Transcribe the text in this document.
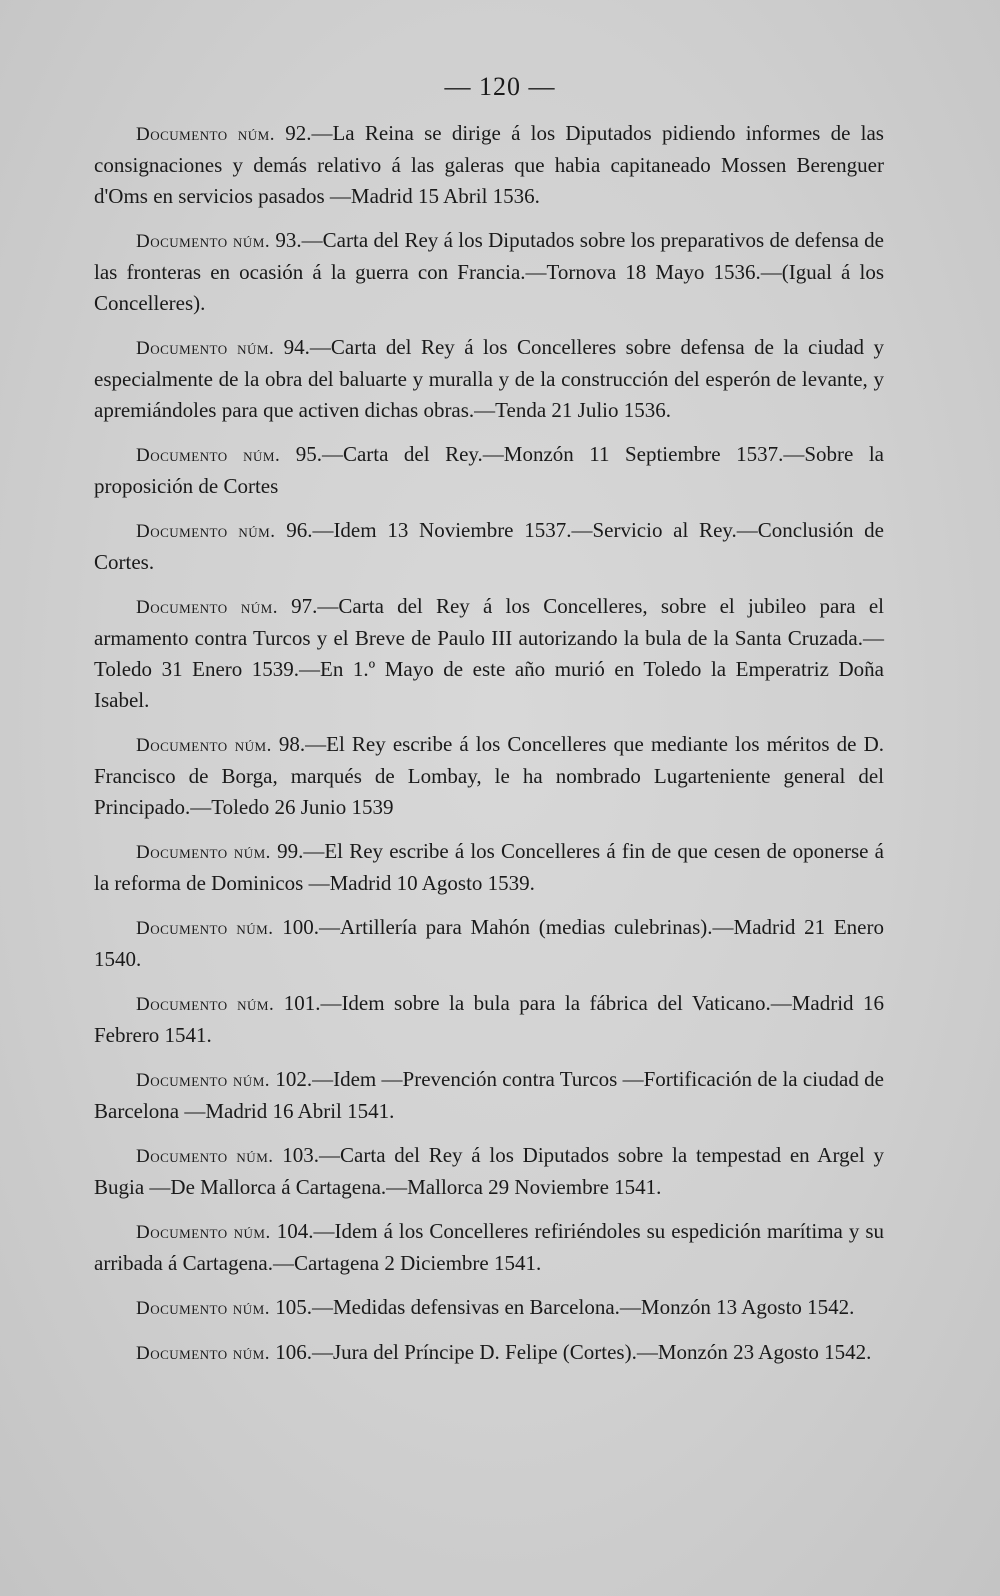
— 120 —

Documento núm. 92.—La Reina se dirige á los Diputados pidiendo informes de las consignaciones y demás relativo á las galeras que habia capitaneado Mossen Berenguer d'Oms en servicios pasados —Madrid 15 Abril 1536.

Documento núm. 93.—Carta del Rey á los Diputados sobre los preparativos de defensa de las fronteras en ocasión á la guerra con Francia.—Tornova 18 Mayo 1536.—(Igual á los Concelleres).

Documento núm. 94.—Carta del Rey á los Concelleres sobre defensa de la ciudad y especialmente de la obra del baluarte y muralla y de la construcción del esperón de levante, y apremiándoles para que activen dichas obras.—Tenda 21 Julio 1536.

Documento núm. 95.—Carta del Rey.—Monzón 11 Septiembre 1537.—Sobre la proposición de Cortes

Documento núm. 96.—Idem 13 Noviembre 1537.—Servicio al Rey.—Conclusión de Cortes.

Documento núm. 97.—Carta del Rey á los Concelleres, sobre el jubileo para el armamento contra Turcos y el Breve de Paulo III autorizando la bula de la Santa Cruzada.—Toledo 31 Enero 1539.—En 1.º Mayo de este año murió en Toledo la Emperatriz Doña Isabel.

Documento núm. 98.—El Rey escribe á los Concelleres que mediante los méritos de D. Francisco de Borga, marqués de Lombay, le ha nombrado Lugarteniente general del Principado.—Toledo 26 Junio 1539

Documento núm. 99.—El Rey escribe á los Concelleres á fin de que cesen de oponerse á la reforma de Dominicos —Madrid 10 Agosto 1539.

Documento núm. 100.—Artillería para Mahón (medias culebrinas).—Madrid 21 Enero 1540.

Documento núm. 101.—Idem sobre la bula para la fábrica del Vaticano.—Madrid 16 Febrero 1541.

Documento núm. 102.—Idem —Prevención contra Turcos —Fortificación de la ciudad de Barcelona —Madrid 16 Abril 1541.

Documento núm. 103.—Carta del Rey á los Diputados sobre la tempestad en Argel y Bugia —De Mallorca á Cartagena.—Mallorca 29 Noviembre 1541.

Documento núm. 104.—Idem á los Concelleres refiriéndoles su espedición marítima y su arribada á Cartagena.—Cartagena 2 Diciembre 1541.

Documento núm. 105.—Medidas defensivas en Barcelona.—Monzón 13 Agosto 1542.

Documento núm. 106.—Jura del Príncipe D. Felipe (Cortes).—Monzón 23 Agosto 1542.
